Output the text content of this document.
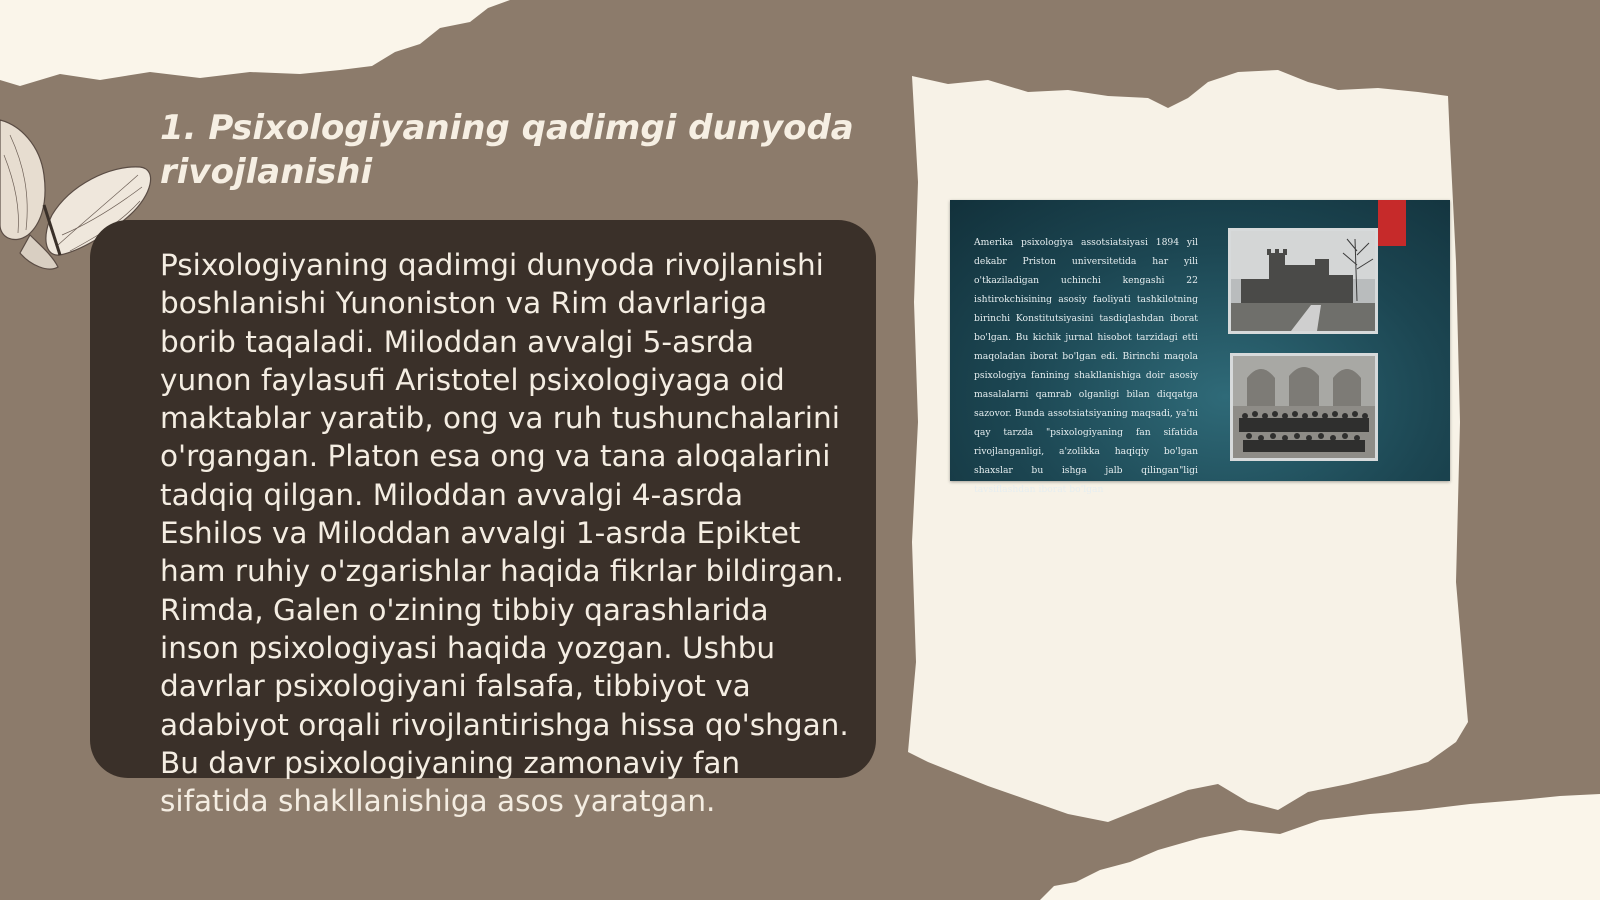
1. Psixologiyaning qadimgi dunyoda rivojlanishi
Psixologiyaning qadimgi dunyoda rivojlanishi boshlanishi Yunoniston va Rim davrlariga borib taqaladi. Miloddan avvalgi 5-asrda yunon faylasufi Aristotel psixologiyaga oid maktablar yaratib, ong va ruh tushunchalarini o'rgangan. Platon esa ong va tana aloqalarini tadqiq qilgan. Miloddan avvalgi 4-asrda Eshilos va Miloddan avvalgi 1-asrda Epiktet ham ruhiy o'zgarishlar haqida fikrlar bildirgan. Rimda, Galen o'zining tibbiy qarashlarida inson psixologiyasi haqida yozgan. Ushbu davrlar psixologiyani falsafa, tibbiyot va adabiyot orqali rivojlantirishga hissa qo'shgan. Bu davr psixologiyaning zamonaviy fan sifatida shakllanishiga asos yaratgan.
Amerika psixologiya assotsiatsiyasi 1894 yil dekabr Priston universitetida har yili o'tkaziladigan uchinchi kengashi 22 ishtirokchisining asosiy faoliyati tashkilotning birinchi Konstitutsiyasini tasdiqlashdan iborat bo'lgan. Bu kichik jurnal hisobot tarzidagi etti maqoladan iborat bo'lgan edi. Birinchi maqola psixologiya fanining shakllanishiga doir asosiy masalalarni qamrab olganligi bilan diqqatga sazovor. Bunda assotsiatsiyaning maqsadi, ya'ni qay tarzda "psixologiyaning fan sifatida rivojlanganligi, a'zolikka haqiqiy bo'lgan shaxslar bu ishga jalb qilingan"ligi tavsiflashdan iborat bo'lgan
